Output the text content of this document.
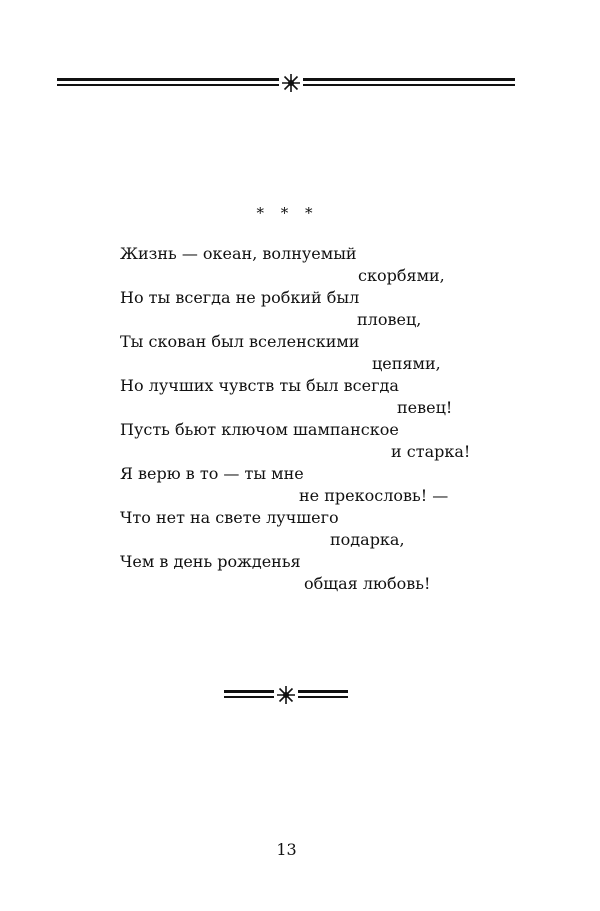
* * *
Жизнь — океан, волнуемый
скорбями,
Но ты всегда не робкий был
пловец,
Ты скован был вселенскими
цепями,
Но лучших чувств ты был всегда
певец!
Пусть бьют ключом шампанское
и старка!
Я верю в то — ты мне
не прекословь! —
Что нет на свете лучшего
подарка,
Чем в день рожденья
общая любовь!
13
